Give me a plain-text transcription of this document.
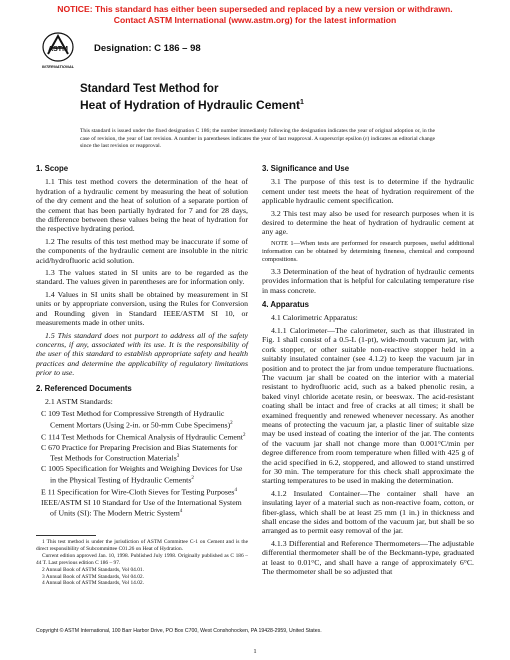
NOTICE: This standard has either been superseded and replaced by a new version or withdrawn.
Contact ASTM International (www.astm.org) for the latest information
ASTM
INTERNATIONAL
Designation: C 186 – 98
Standard Test Method for
Heat of Hydration of Hydraulic Cement$^1$
This standard is issued under the fixed designation C 186; the number immediately following the designation indicates the year of original adoption or, in the case of revision, the year of last revision. A number in parentheses indicates the year of last reapproval. A superscript epsilon (ε) indicates an editorial change since the last revision or reapproval.
1. Scope

1.1 This test method covers the determination of the heat of hydration of a hydraulic cement by measuring the heat of solution of the dry cement and the heat of solution of a separate portion of the cement that has been partially hydrated for 7 and for 28 days, the difference between these values being the heat of hydration for the respective hydrating period.

1.2 The results of this test method may be inaccurate if some of the components of the hydraulic cement are insoluble in the nitric acid/hydrofluoric acid solution.

1.3 The values stated in SI units are to be regarded as the standard. The values given in parentheses are for information only.

1.4 Values in SI units shall be obtained by measurement in SI units or by appropriate conversion, using the Rules for Conversion and Rounding given in Standard IEEE/ASTM SI 10, or measurements made in other units.

1.5 This standard does not purport to address all of the safety concerns, if any, associated with its use. It is the responsibility of the user of this standard to establish appropriate safety and health practices and determine the applicability of regulatory limitations prior to use.

2. Referenced Documents

2.1 ASTM Standards:

C 109 Test Method for Compressive Strength of Hydraulic Cement Mortars (Using 2-in. or 50-mm Cube Specimens)$^2$
C 114 Test Methods for Chemical Analysis of Hydraulic Cement$^2$
C 670 Practice for Preparing Precision and Bias Statements for Test Methods for Construction Materials$^3$
C 1005 Specification for Weights and Weighing Devices for Use in the Physical Testing of Hydraulic Cements$^2$
E 11 Specification for Wire-Cloth Sieves for Testing Purposes$^4$
IEEE/ASTM SI 10 Standard for Use of the International System of Units (SI): The Modern Metric System$^4$
1 This test method is under the jurisdiction of ASTM Committee C-1 on Cement and is the direct responsibility of Subcommittee C01.26 on Heat of Hydration.
Current edition approved Jan. 10, 1998. Published July 1998. Originally published as C 186 – 44 T. Last previous edition C 186 – 97.
2 Annual Book of ASTM Standards, Vol 04.01.
3 Annual Book of ASTM Standards, Vol 04.02.
4 Annual Book of ASTM Standards, Vol 14.02.
3. Significance and Use

3.1 The purpose of this test is to determine if the hydraulic cement under test meets the heat of hydration requirement of the applicable hydraulic cement specification.

3.2 This test may also be used for research purposes when it is desired to determine the heat of hydration of hydraulic cement at any age.

NOTE 1—When tests are performed for research purposes, useful additional information can be obtained by determining fineness, chemical and compound compositions.

3.3 Determination of the heat of hydration of hydraulic cements provides information that is helpful for calculating temperature rise in mass concrete.

4. Apparatus

4.1 Calorimetric Apparatus:

4.1.1 Calorimeter—The calorimeter, such as that illustrated in Fig. 1 shall consist of a 0.5-L (1-pt), wide-mouth vacuum jar, with cork stopper, or other suitable non-reactive stopper held in a suitably insulated container (see 4.1.2) to keep the vacuum jar in position and to protect the jar from undue temperature fluctuations. The vacuum jar shall be coated on the interior with a material resistant to hydrofluoric acid, such as a baked phenolic resin, a baked vinyl chloride acetate resin, or beeswax. The acid-resistant coating shall be intact and free of cracks at all times; it shall be examined frequently and renewed whenever necessary. As another means of protecting the vacuum jar, a plastic liner of suitable size may be used instead of coating the interior of the jar. The contents of the vacuum jar shall not change more than 0.001°C/min per degree difference from room temperature when filled with 425 g of the acid specified in 6.2, stoppered, and allowed to stand unstirred for 30 min. The temperature for this check shall approximate the starting temperatures to be used in making the determination.

4.1.2 Insulated Container—The container shall have an insulating layer of a material such as non-reactive foam, cotton, or fiber-glass, which shall be at least 25 mm (1 in.) in thickness and shall encase the sides and bottom of the vacuum jar, but shall be so arranged as to permit easy removal of the jar.

4.1.3 Differential and Reference Thermometers—The adjustable differential thermometer shall be of the Beckmann-type, graduated at least to 0.01°C, and shall have a range of approximately 6°C. The thermometer shall be so adjusted that

Copyright © ASTM International, 100 Barr Harbor Drive, PO Box C700, West Conshohocken, PA 19428-2959, United States.
1
